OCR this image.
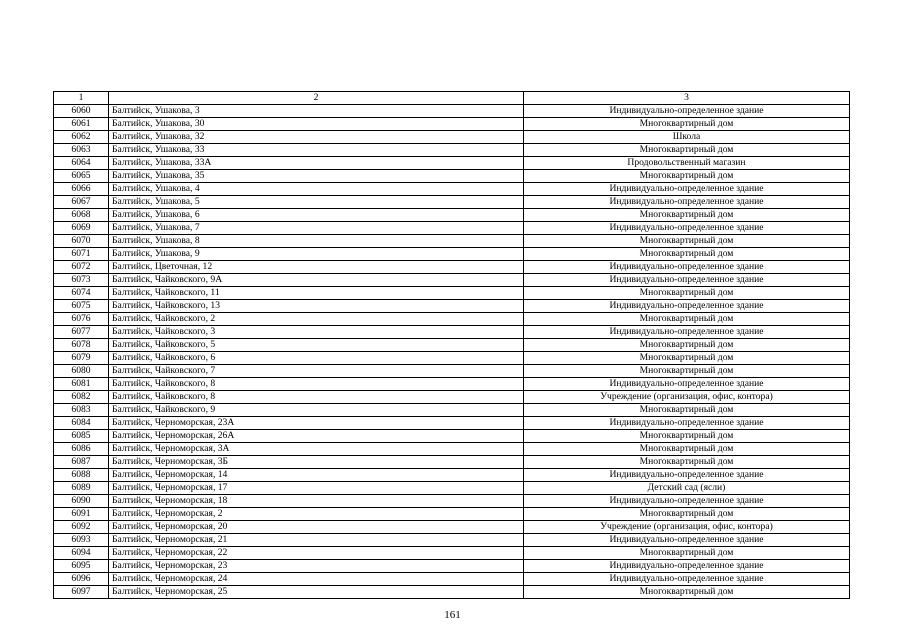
1	2	3
6060	Балтийск, Ушакова, 3	Индивидуально-определенное здание
6061	Балтийск, Ушакова, 30	Многоквартирный дом
6062	Балтийск, Ушакова, 32	Школа
6063	Балтийск, Ушакова, 33	Многоквартирный дом
6064	Балтийск, Ушакова, 33А	Продовольственный магазин
6065	Балтийск, Ушакова, 35	Многоквартирный дом
6066	Балтийск, Ушакова, 4	Индивидуально-определенное здание
6067	Балтийск, Ушакова, 5	Индивидуально-определенное здание
6068	Балтийск, Ушакова, 6	Многоквартирный дом
6069	Балтийск, Ушакова, 7	Индивидуально-определенное здание
6070	Балтийск, Ушакова, 8	Многоквартирный дом
6071	Балтийск, Ушакова, 9	Многоквартирный дом
6072	Балтийск, Цветочная, 12	Индивидуально-определенное здание
6073	Балтийск, Чайковского, 9А	Индивидуально-определенное здание
6074	Балтийск, Чайковского, 11	Многоквартирный дом
6075	Балтийск, Чайковского, 13	Индивидуально-определенное здание
6076	Балтийск, Чайковского, 2	Многоквартирный дом
6077	Балтийск, Чайковского, 3	Индивидуально-определенное здание
6078	Балтийск, Чайковского, 5	Многоквартирный дом
6079	Балтийск, Чайковского, 6	Многоквартирный дом
6080	Балтийск, Чайковского, 7	Многоквартирный дом
6081	Балтийск, Чайковского, 8	Индивидуально-определенное здание
6082	Балтийск, Чайковского, 8	Учреждение (организация, офис, контора)
6083	Балтийск, Чайковского, 9	Многоквартирный дом
6084	Балтийск, Черноморская, 23А	Индивидуально-определенное здание
6085	Балтийск, Черноморская, 26А	Многоквартирный дом
6086	Балтийск, Черноморская, 3А	Многоквартирный дом
6087	Балтийск, Черноморская, 3Б	Многоквартирный дом
6088	Балтийск, Черноморская, 14	Индивидуально-определенное здание
6089	Балтийск, Черноморская, 17	Детский сад (ясли)
6090	Балтийск, Черноморская, 18	Индивидуально-определенное здание
6091	Балтийск, Черноморская, 2	Многоквартирный дом
6092	Балтийск, Черноморская, 20	Учреждение (организация, офис, контора)
6093	Балтийск, Черноморская, 21	Индивидуально-определенное здание
6094	Балтийск, Черноморская, 22	Многоквартирный дом
6095	Балтийск, Черноморская, 23	Индивидуально-определенное здание
6096	Балтийск, Черноморская, 24	Индивидуально-определенное здание
6097	Балтийск, Черноморская, 25	Многоквартирный дом
161
